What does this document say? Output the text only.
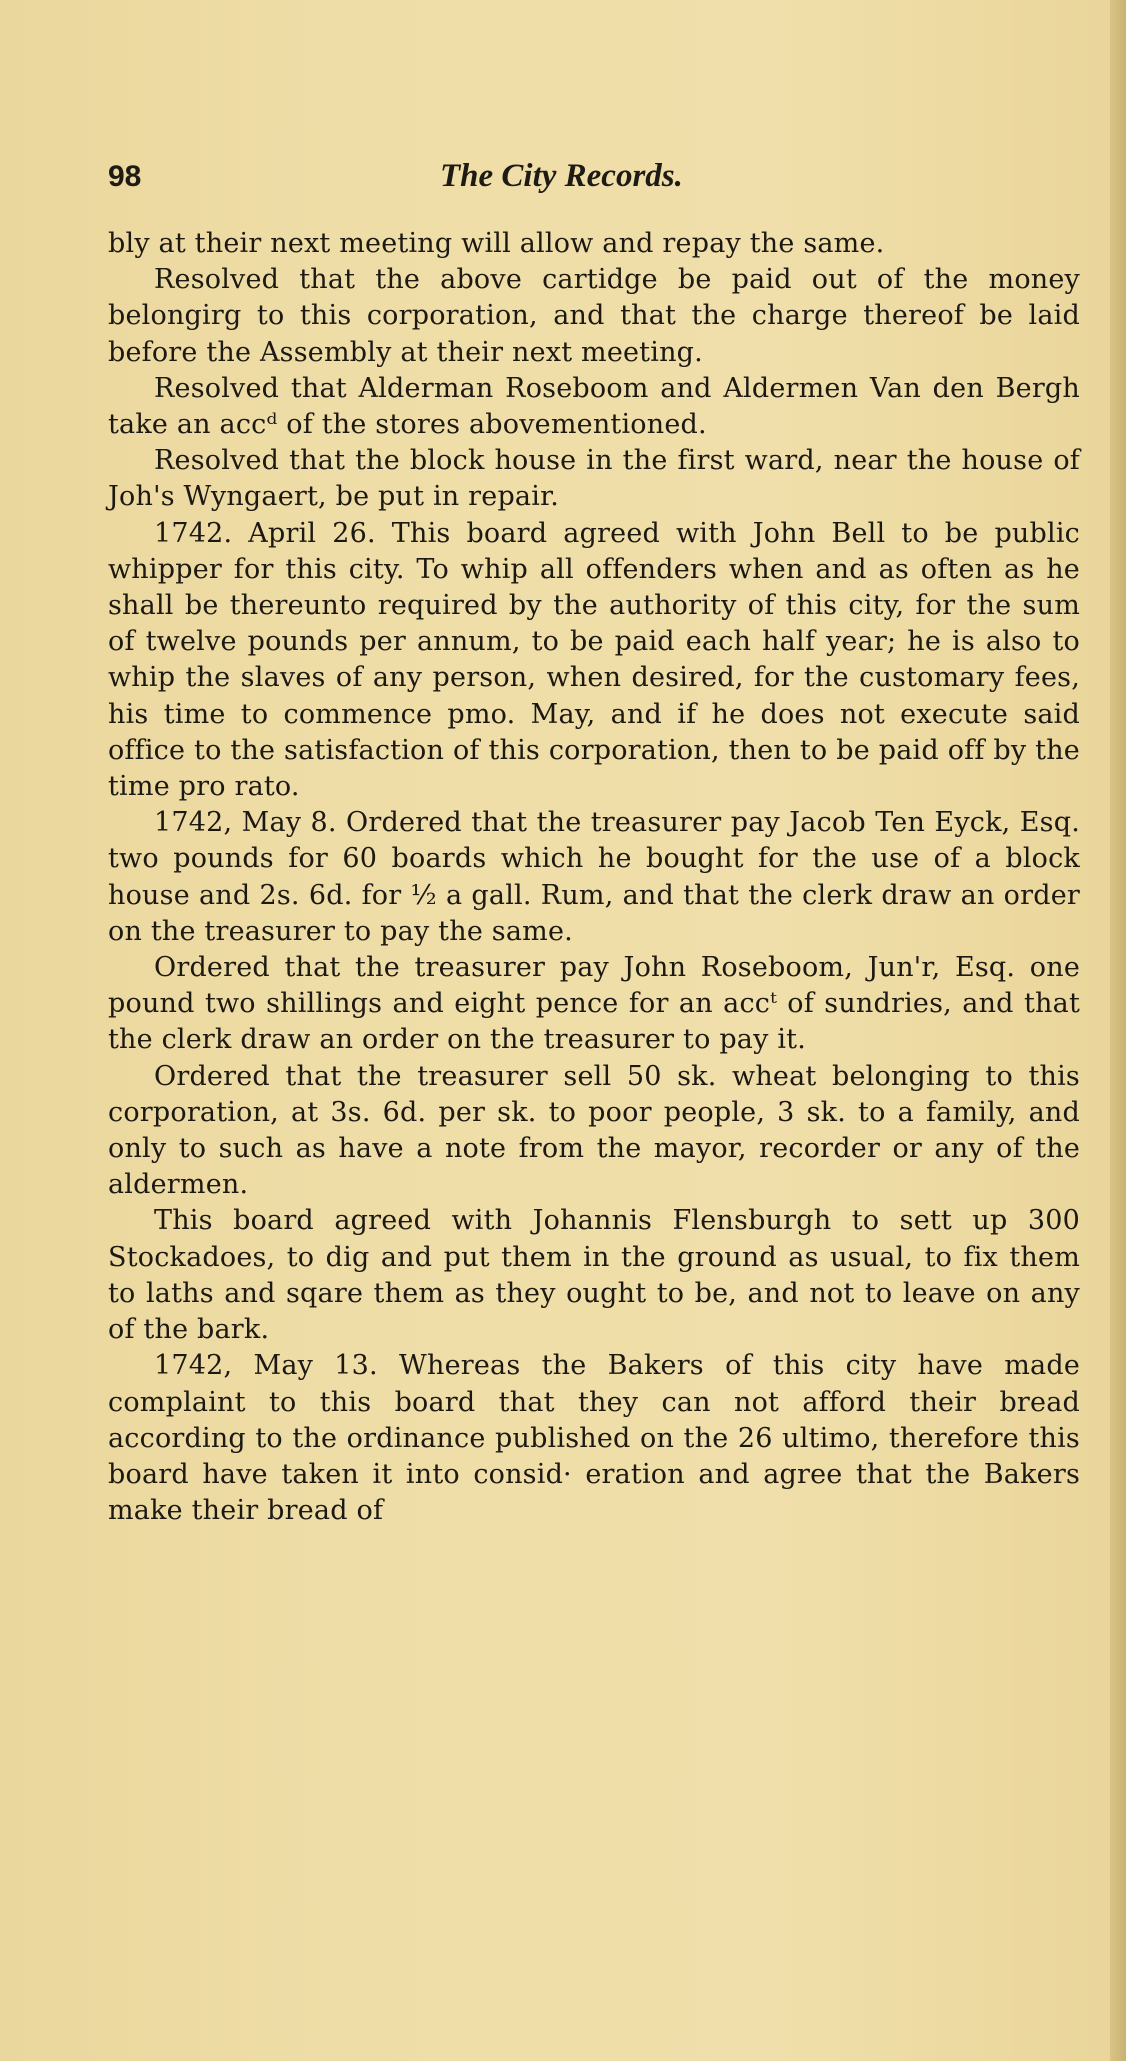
98	The City Records.

bly at their next meeting will allow and repay the same.

Resolved that the above cartidge be paid out of the money belongirg to this corporation, and that the charge thereof be laid before the Assembly at their next meeting.

Resolved that Alderman Roseboom and Aldermen Van den Bergh take an accᵈ of the stores abovementioned.

Resolved that the block house in the first ward, near the house of Joh's Wyngaert, be put in repair.

1742. April 26. This board agreed with John Bell to be public whipper for this city. To whip all offenders when and as often as he shall be thereunto required by the authority of this city, for the sum of twelve pounds per annum, to be paid each half year; he is also to whip the slaves of any person, when desired, for the customary fees, his time to commence pmo. May, and if he does not execute said office to the satisfaction of this corporation, then to be paid off by the time pro rato.

1742, May 8. Ordered that the treasurer pay Jacob Ten Eyck, Esq. two pounds for 60 boards which he bought for the use of a block house and 2s. 6d. for ½ a gall. Rum, and that the clerk draw an order on the treasurer to pay the same.

Ordered that the treasurer pay John Roseboom, Jun'r, Esq. one pound two shillings and eight pence for an accᵗ of sundries, and that the clerk draw an order on the treasurer to pay it.

Ordered that the treasurer sell 50 sk. wheat belonging to this corporation, at 3s. 6d. per sk. to poor people, 3 sk. to a family, and only to such as have a note from the mayor, recorder or any of the aldermen.

This board agreed with Johannis Flensburgh to sett up 300 Stockadoes, to dig and put them in the ground as usual, to fix them to laths and sqare them as they ought to be, and not to leave on any of the bark.

1742, May 13. Whereas the Bakers of this city have made complaint to this board that they can not afford their bread according to the ordinance published on the 26 ultimo, therefore this board have taken it into consid· eration and agree that the Bakers make their bread of
